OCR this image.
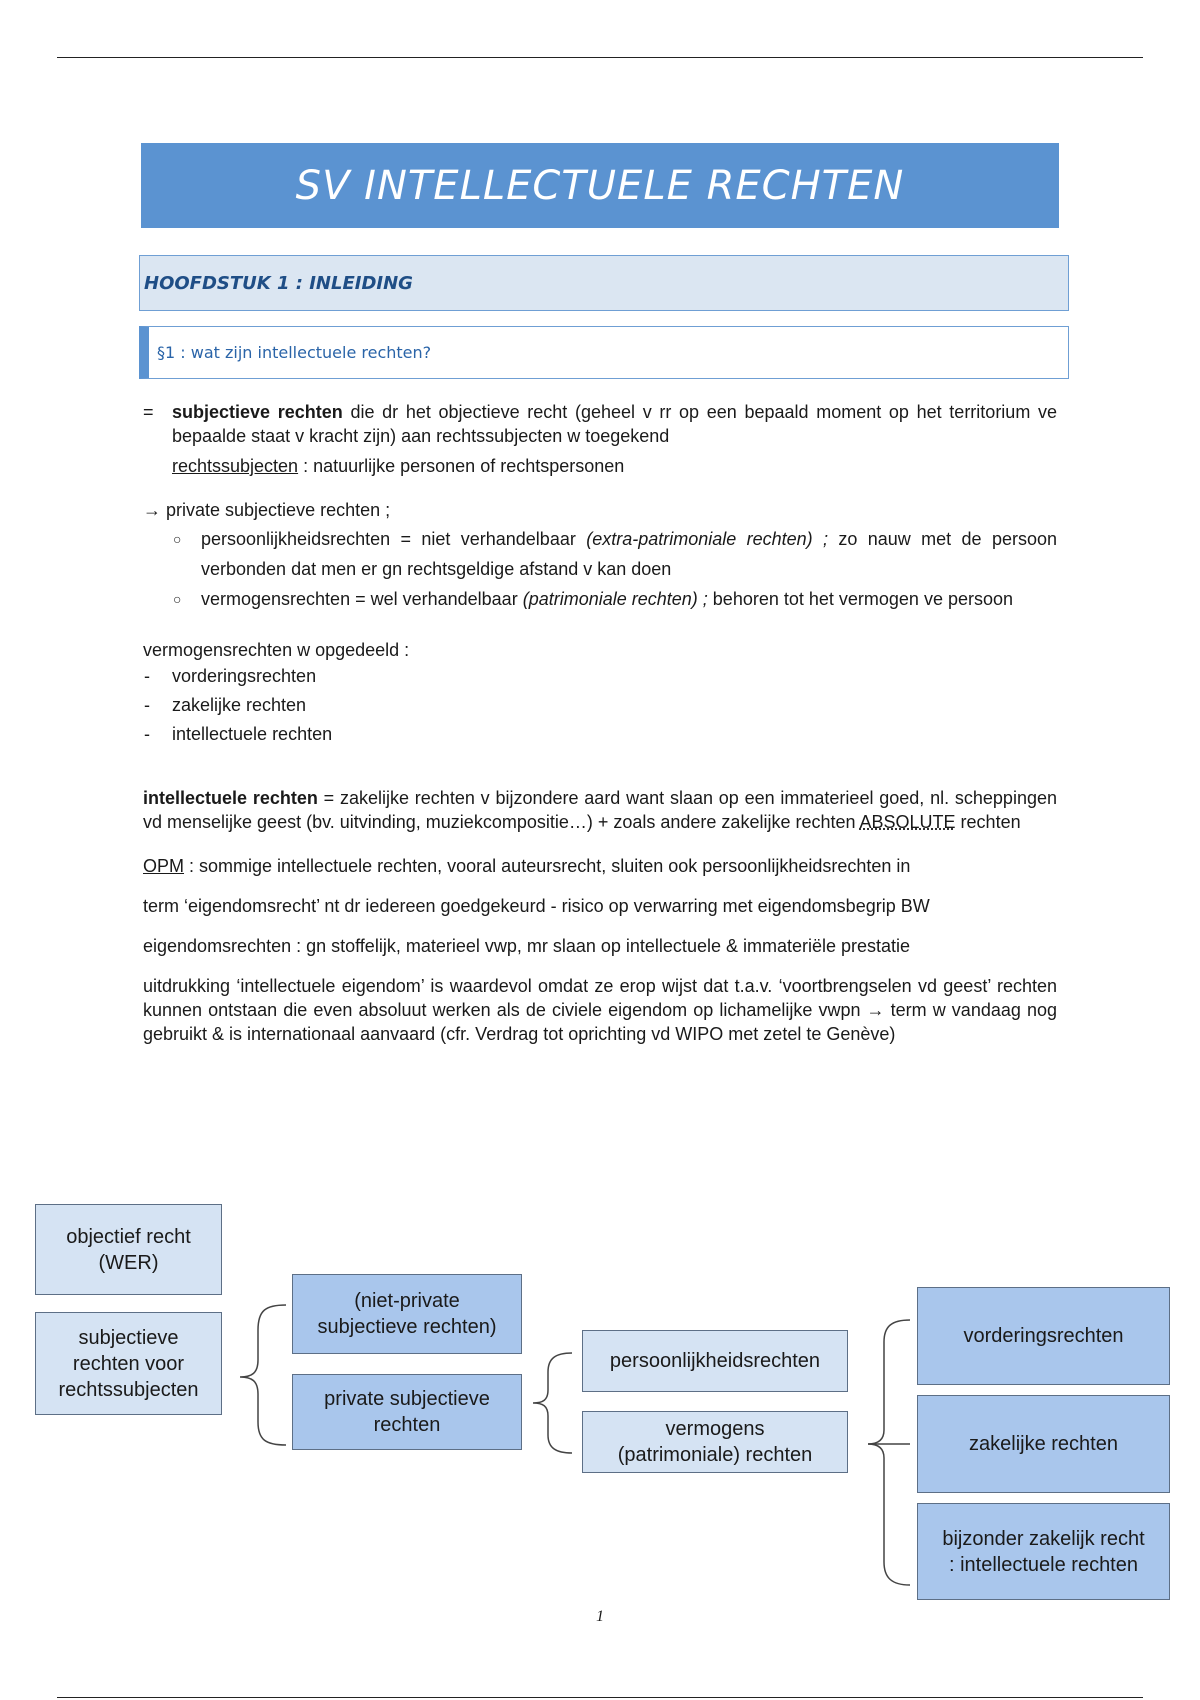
SV INTELLECTUELE RECHTEN
HOOFDSTUK 1 : INLEIDING
§1 : wat zijn intellectuele rechten?

= subjectieve rechten die dr het objectieve recht (geheel v rr op een bepaald moment op het territorium ve bepaalde staat v kracht zijn) aan rechtssubjecten w toegekend

rechtssubjecten : natuurlijke personen of rechtspersonen

→ private subjectieve rechten ;

○ persoonlijkheidsrechten = niet verhandelbaar (extra-patrimoniale rechten) ; zo nauw met de persoon verbonden dat men er gn rechtsgeldige afstand v kan doen

○ vermogensrechten = wel verhandelbaar (patrimoniale rechten) ; behoren tot het vermogen ve persoon

vermogensrechten w opgedeeld :

- vorderingsrechten

- zakelijke rechten

- intellectuele rechten

intellectuele rechten = zakelijke rechten v bijzondere aard want slaan op een immaterieel goed, nl. scheppingen vd menselijke geest (bv. uitvinding, muziekcompositie…) + zoals andere zakelijke rechten ABSOLUTE rechten

OPM : sommige intellectuele rechten, vooral auteursrecht, sluiten ook persoonlijkheidsrechten in

term ‘eigendomsrecht’ nt dr iedereen goedgekeurd - risico op verwarring met eigendomsbegrip BW

eigendomsrechten : gn stoffelijk, materieel vwp, mr slaan op intellectuele & immateriële prestatie

uitdrukking ‘intellectuele eigendom’ is waardevol omdat ze erop wijst dat t.a.v. ‘voortbrengselen vd geest’ rechten kunnen ontstaan die even absoluut werken als de civiele eigendom op lichamelijke vwpn → term w vandaag nog gebruikt & is internationaal aanvaard (cfr. Verdrag tot oprichting vd WIPO met zetel te Genève)

objectief recht (WER)
subjectieve rechten voor rechtssubjecten
(niet-private subjectieve rechten)
private subjectieve rechten
persoonlijkheidsrechten
vermogens (patrimoniale) rechten
vorderingsrechten
zakelijke rechten
bijzonder zakelijk recht : intellectuele rechten
1
